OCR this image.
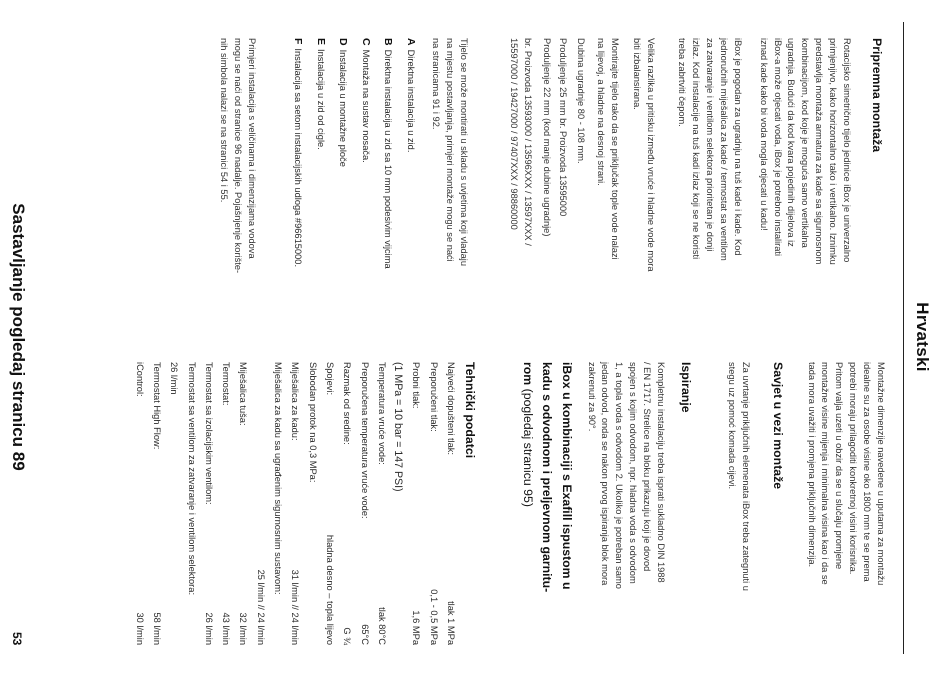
Hrvatski
Pripremna montaža
Rotacijsko simetrično tijelo jedinice iBox je univerzalno
primjenjivo, kako horizontalno tako i vertikalno. Iznimku
predstavlja montaža armatura za kade sa sigurnosnom
kombinacijom, kod koje je moguća samo vertikalna
ugradnja. Budući da kod kvara pojedinih dijelova iz
iBox-a može otjecati voda, iBox je potrebno instalirati
iznad kade kako bi voda mogla otjecati u kadu!
iBox je pogodan za ugradnju na tuš kade i kade. Kod
jednoručnih miješalica za kade / termostat sa ventilom
za zatvaranje i ventilom selektora prioritetan je donji
izlaz. Kod instalacije na tuš kadi izlaz koji se ne koristi
treba zabrtviti čepom.
Velika razlika u pritisku između vruće i hladne vode mora
biti izbalansirana.
Montirajte tijelo tako da se priključak tople vode nalazi
na lijevoj, a hladne na desnoj strani.
Dubina ugradnje 80 - 108 mm.
Produljenje 25 mm br. Proizvoda 13595000
Produljenje 22 mm (kod manje dubine ugradnje)
br. Proizvoda 13593000 / 13596XXX / 13597XXX /
15597000 / 19427000 / 97407XXX / 98860000
Tijelo se može montirati u skladu s uvjetima koji vladaju
na mjestu postavljanja, primjeri montaže mogu se naći
na stranicama 91 i 92.
ADirektna instalacija u zid.
BDirektna instalacija u zid sa 10 mm podesivim vijcima
CMontaža na sustav nosača.
DInstalacija u montažne ploče
EInstalacija u zid od cigle.
FInstalacija sa setom instalacijskih udloga #96615000.
Primjeri instalacija s veličinama i dimenzijama vodova
mogu se naći od stranice 96 nadalje. Pojašnjenje korište-
nih simbola nalazi se na stranici 54 i 55.
Montažne dimenzije navedene u uputama za montažu
idealne su za osobe visine oko 1800 mm te se prema
potrebi moraju prilagoditi konkretnoj visini korisnika.
Pritom valja uzeti u obzir da se u slučaju promjene
montažne visine mijenja i minimalna visina kao i da se
tada mora uvažiti i promjena priključnih dimenzija.
Savjet u vezi montaže
Za uvrtanje priključnih elemenata iBox treba zategnuti u
stegu uz pomoć komada cijevi.
Ispiranje
Kompletnu instalaciju treba isprati sukladno DIN 1988
/ EN 1717. Strelice na bloku prikazuju koji je dovod
spojen s kojim odvodom, npr. hladna voda s odvodom
1, a topla voda s odvodom 2. Ukoliko je potreban samo
jedan odvod, onda se nakon prvog ispiranja blok mora
zakrenuti za 90°.
iBox u kombinaciji s Exafill ispustom u
kadu s odvodnom i preljevnom garnitu-
rom (pogledaj stranicu 95)
Tehnički podatci
Najveći dopušteni tlak:
tlak 1 MPa
Preporučeni tlak:
0,1 - 0,5 MPa
Probni tlak:
1,6 MPa
(1 MPa = 10 bar = 147 PSI)
Temperatura vruće vode:
tlak 80°C
Preporučena temperatura vruće vode:
65°C
Razmak od sredine:
G ¾
Spojevi:
hladna desno – topla lijevo
Slobodan protok na 0,3 MPa:
Miješalica za kadu:
31 l/min // 24 l/min
Miješalica za kadu sa ugrađenim sigurnosnim sustavom:
25 l/min // 24 l/min
Miješalica tuša:
32 l/min
Termostat:
43 l/min
Termostat sa izolacijskim ventilom:
26 l/min
Termostat sa ventilom za zatvaranje i ventilom selektora:
26 l/min
Termostat High Flow:
58 l/min
iControl:
30 l/min
Sastavljanje pogledaj stranicu 89
53
